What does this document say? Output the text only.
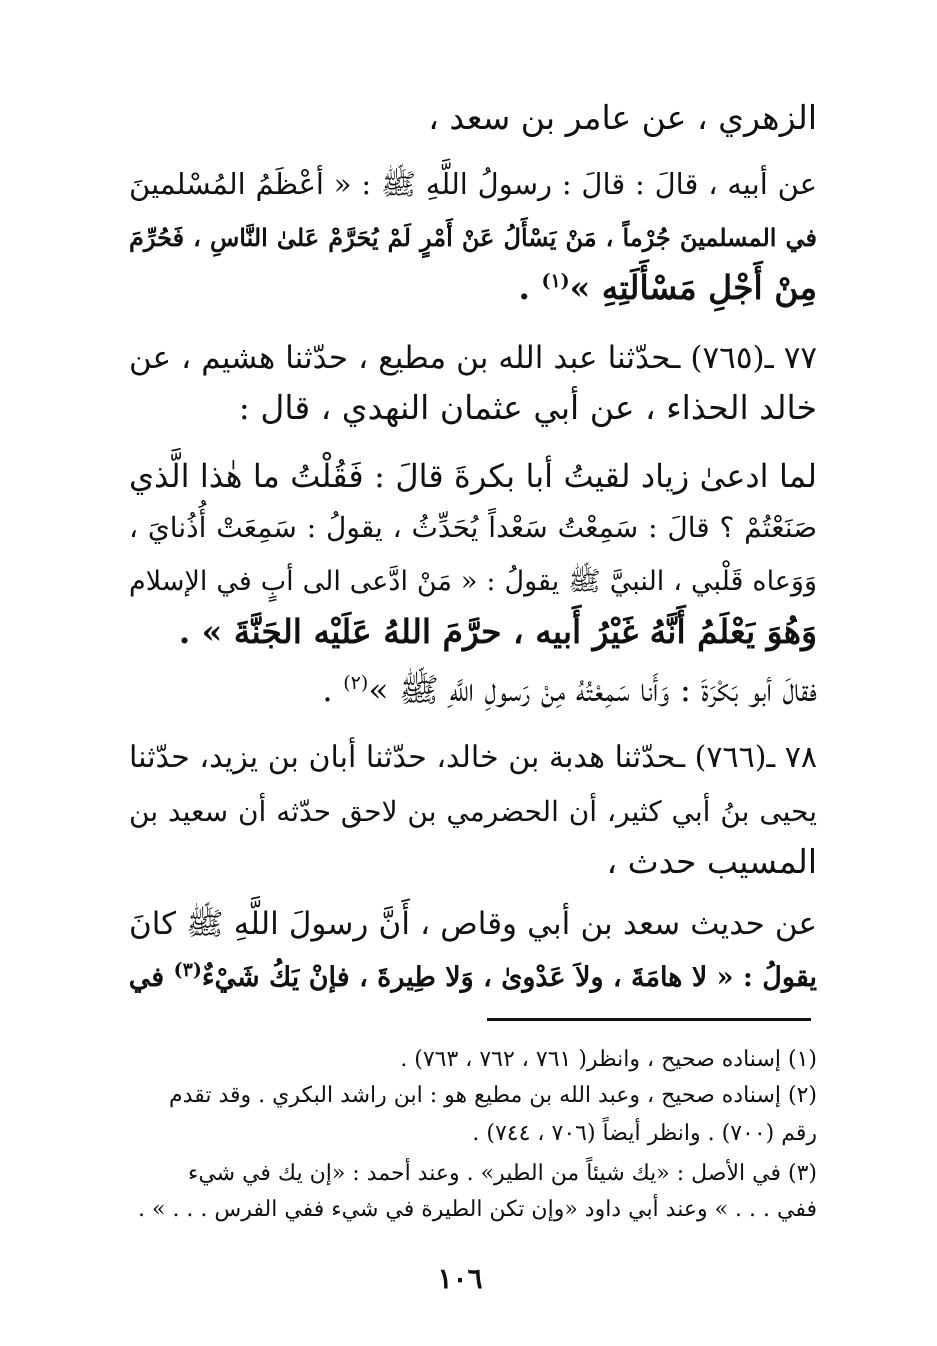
الزهري ، عن عامر بن سعد ،
عن أبيه ، قالَ : قالَ : رسولُ اللَّهِ ﷺ : « أعْظَمُ المُسْلمينَ
في المسلمينَ جُرْماً ، مَنْ يَسْأَلُ عَنْ أَمْرٍ لَمْ يُحَرَّمْ عَلىٰ النَّاسِ ، فَحُرِّمَ
مِنْ أَجْلِ مَسْأَلَتِهِ »$^{(١)}$ .
٧٧ ـ(٧٦٥) ـحدّثنا عبد الله بن مطيع ، حدّثنا هشيم ، عن
خالد الحذاء ، عن أبي عثمان النهدي ، قال :
لما ادعىٰ زياد لقيتُ أبا بكرةَ قالَ : فَقُلْتُ ما هٰذا الَّذي
صَنَعْتُمْ ؟ قالَ : سَمِعْتُ سَعْداً يُحَدِّثُ ، يقولُ : سَمِعَتْ أُذُنايَ ،
وَوَعاه قَلْبي ، النبيَّ ﷺ يقولُ : « مَنْ ادَّعى الى أبٍ في الإسلام
وَهُوَ يَعْلَمُ أَنَّهُ غَيْرُ أَبيه ، حرَّمَ اللهُ عَلَيْه الجَنَّةَ » .
فقالَ أبو بَكْرَةَ : وَأَنا سَمِعْتُهُ مِنْ رَسولِ اللَّهِ ﷺ »$^{(٢)}$ .
٧٨ ـ(٧٦٦) ـحدّثنا هدبة بن خالد، حدّثنا أبان بن يزيد، حدّثنا
يحيى بنُ أبي كثير، أن الحضرمي بن لاحق حدّثه أن سعيد بن
المسيب حدث ،
عن حديث سعد بن أبي وقاص ، أَنَّ رسولَ اللَّهِ ﷺ كانَ
يقولُ : « لا هامَةَ ، ولاَ عَدْوىٰ ، وَلا طِيرةَ ، فإنْ يَكُ شَيْءٌ$^{(٣)}$ في
(١) إسناده صحيح ، وانظر( ٧٦١ ، ٧٦٢ ، ٧٦٣) .
(٢) إسناده صحيح ، وعبد الله بن مطيع هو : ابن راشد البكري . وقد تقدم
رقم (٧٠٠) . وانظر أيضاً (٧٠٦ ، ٧٤٤) .
(٣) في الأصل : «يك شيئاً من الطير» . وعند أحمد : «إن يك في شيء
ففي . . . » وعند أبي داود «وإن تكن الطيرة في شيء ففي الفرس . . . » .
١٠٦
